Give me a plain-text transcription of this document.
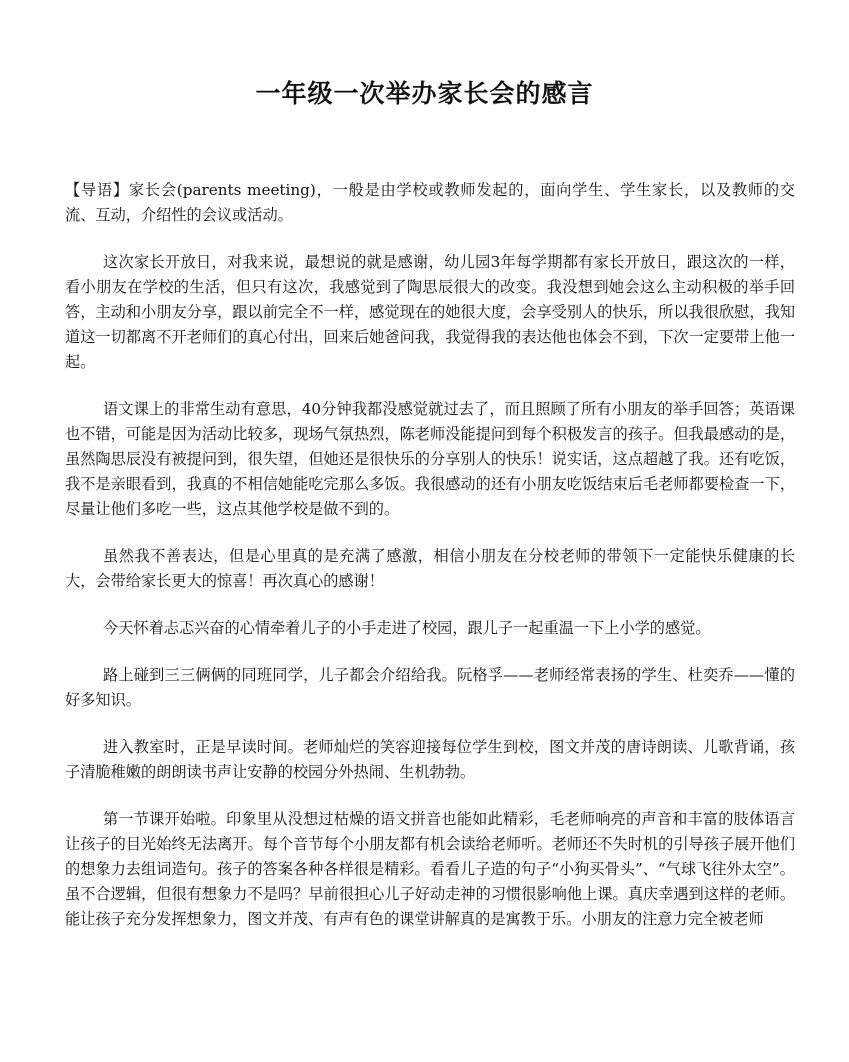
一年级一次举办家长会的感言

【导语】家长会(parents meeting)，一般是由学校或教师发起的，面向学生、学生家长，以及教师的交流、互动，介绍性的会议或活动。

这次家长开放日，对我来说，最想说的就是感谢，幼儿园3年每学期都有家长开放日，跟这次的一样，看小朋友在学校的生活，但只有这次，我感觉到了陶思辰很大的改变。我没想到她会这么主动积极的举手回答，主动和小朋友分享，跟以前完全不一样，感觉现在的她很大度，会享受别人的快乐，所以我很欣慰，我知道这一切都离不开老师们的真心付出，回来后她爸问我，我觉得我的表达他也体会不到，下次一定要带上他一起。

语文课上的非常生动有意思，40分钟我都没感觉就过去了，而且照顾了所有小朋友的举手回答；英语课也不错，可能是因为活动比较多，现场气氛热烈，陈老师没能提问到每个积极发言的孩子。但我最感动的是，虽然陶思辰没有被提问到，很失望，但她还是很快乐的分享别人的快乐！说实话，这点超越了我。还有吃饭，我不是亲眼看到，我真的不相信她能吃完那么多饭。我很感动的还有小朋友吃饭结束后毛老师都要检查一下，尽量让他们多吃一些，这点其他学校是做不到的。

虽然我不善表达，但是心里真的是充满了感激，相信小朋友在分校老师的带领下一定能快乐健康的长大，会带给家长更大的惊喜！再次真心的感谢！

今天怀着忐忑兴奋的心情牵着儿子的小手走进了校园，跟儿子一起重温一下上小学的感觉。

路上碰到三三俩俩的同班同学，儿子都会介绍给我。阮格孚——老师经常表扬的学生、杜奕乔——懂的好多知识。

进入教室时，正是早读时间。老师灿烂的笑容迎接每位学生到校，图文并茂的唐诗朗读、儿歌背诵，孩子清脆稚嫩的朗朗读书声让安静的校园分外热闹、生机勃勃。

第一节课开始啦。印象里从没想过枯燥的语文拼音也能如此精彩，毛老师响亮的声音和丰富的肢体语言让孩子的目光始终无法离开。每个音节每个小朋友都有机会读给老师听。老师还不失时机的引导孩子展开他们的想象力去组词造句。孩子的答案各种各样很是精彩。看看儿子造的句子“小狗买骨头”、“气球飞往外太空”。虽不合逻辑，但很有想象力不是吗？早前很担心儿子好动走神的习惯很影响他上课。真庆幸遇到这样的老师。能让孩子充分发挥想象力，图文并茂、有声有色的课堂讲解真的是寓教于乐。小朋友的注意力完全被老师
